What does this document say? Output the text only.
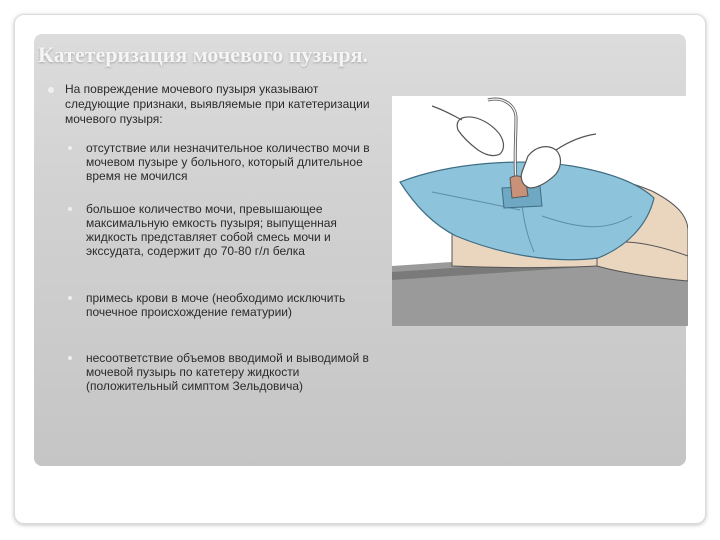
Катетеризация мочевого пузыря.
На повреждение мочевого пузыря указывают следующие признаки, выявляемые при катетеризации мочевого пузыря:
отсутствие или незначительное количество мочи в мочевом пузыре у больного, который длительное время не мочился
большое количество мочи, превышающее максимальную емкость пузыря; выпущенная жидкость представляет собой смесь мочи и экссудата, содержит до 70-80 г/л белка
примесь крови в моче (необходимо исключить почечное происхождение гематурии)
несоответствие объемов вводимой и выводимой в мочевой пузырь по катетеру жидкости (положительный симптом Зельдовича)
